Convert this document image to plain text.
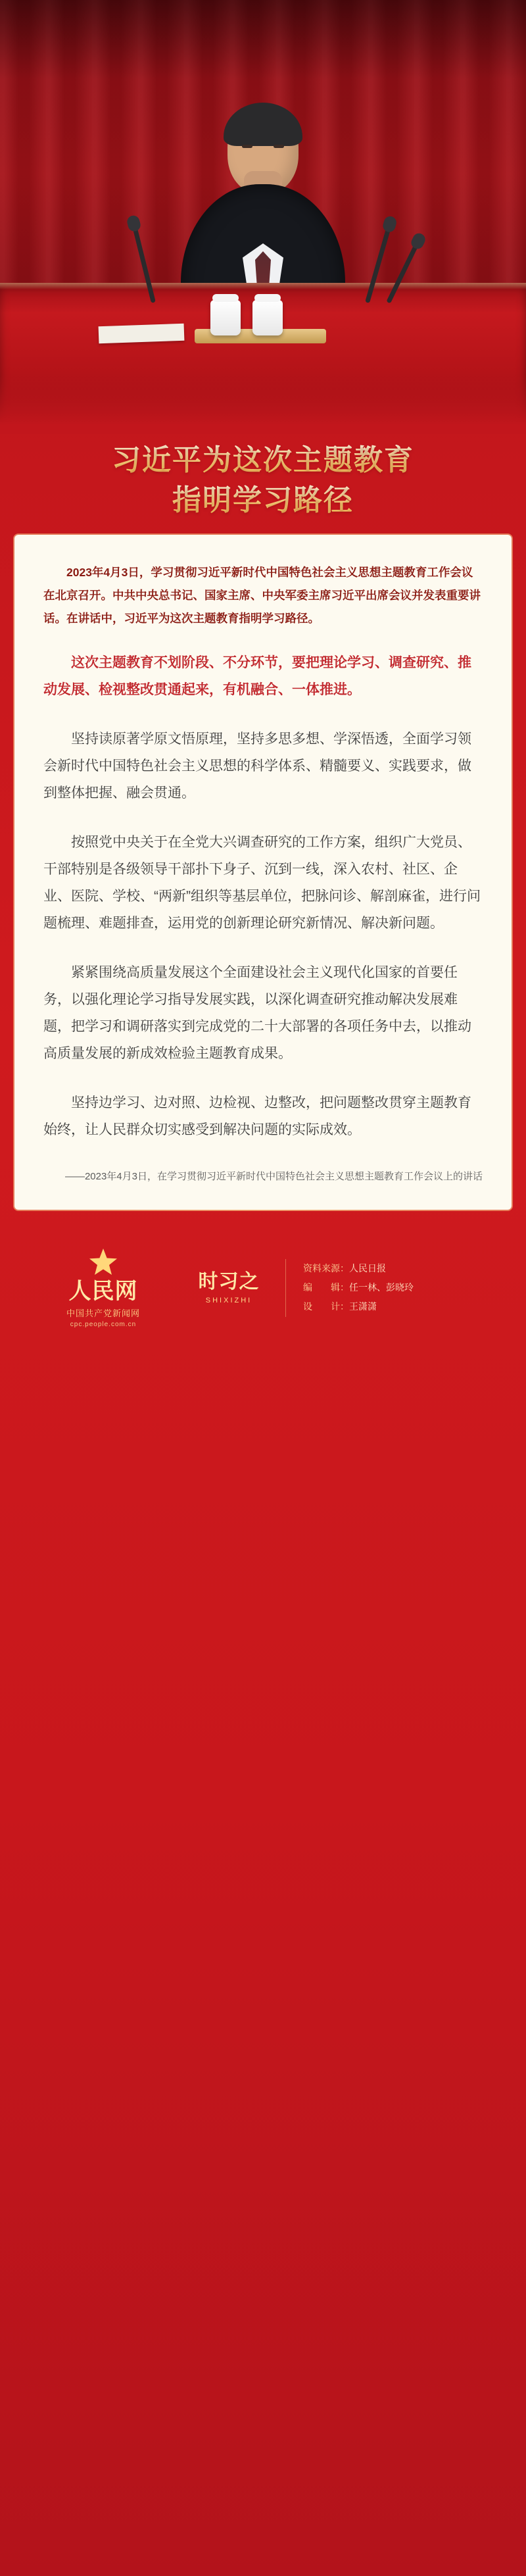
习近平为这次主题教育
指明学习路径

2023年4月3日，学习贯彻习近平新时代中国特色社会主义思想主题教育工作会议在北京召开。中共中央总书记、国家主席、中央军委主席习近平出席会议并发表重要讲话。在讲话中，习近平为这次主题教育指明学习路径。

这次主题教育不划阶段、不分环节，要把理论学习、调查研究、推动发展、检视整改贯通起来，有机融合、一体推进。

坚持读原著学原文悟原理，坚持多思多想、学深悟透，全面学习领会新时代中国特色社会主义思想的科学体系、精髓要义、实践要求，做到整体把握、融会贯通。

按照党中央关于在全党大兴调查研究的工作方案，组织广大党员、干部特别是各级领导干部扑下身子、沉到一线，深入农村、社区、企业、医院、学校、“两新”组织等基层单位，把脉问诊、解剖麻雀，进行问题梳理、难题排查，运用党的创新理论研究新情况、解决新问题。

紧紧围绕高质量发展这个全面建设社会主义现代化国家的首要任务，以强化理论学习指导发展实践，以深化调查研究推动解决发展难题，把学习和调研落实到完成党的二十大部署的各项任务中去，以推动高质量发展的新成效检验主题教育成果。

坚持边学习、边对照、边检视、边整改，把问题整改贯穿主题教育始终，让人民群众切实感受到解决问题的实际成效。

——2023年4月3日，在学习贯彻习近平新时代中国特色社会主义思想主题教育工作会议上的讲话

人民网
中国共产党新闻网
cpc.people.com.cn
时习之
SHIXIZHI
资料来源：人民日报
编　　辑：任一林、彭晓玲
设　　计：王潇潇
